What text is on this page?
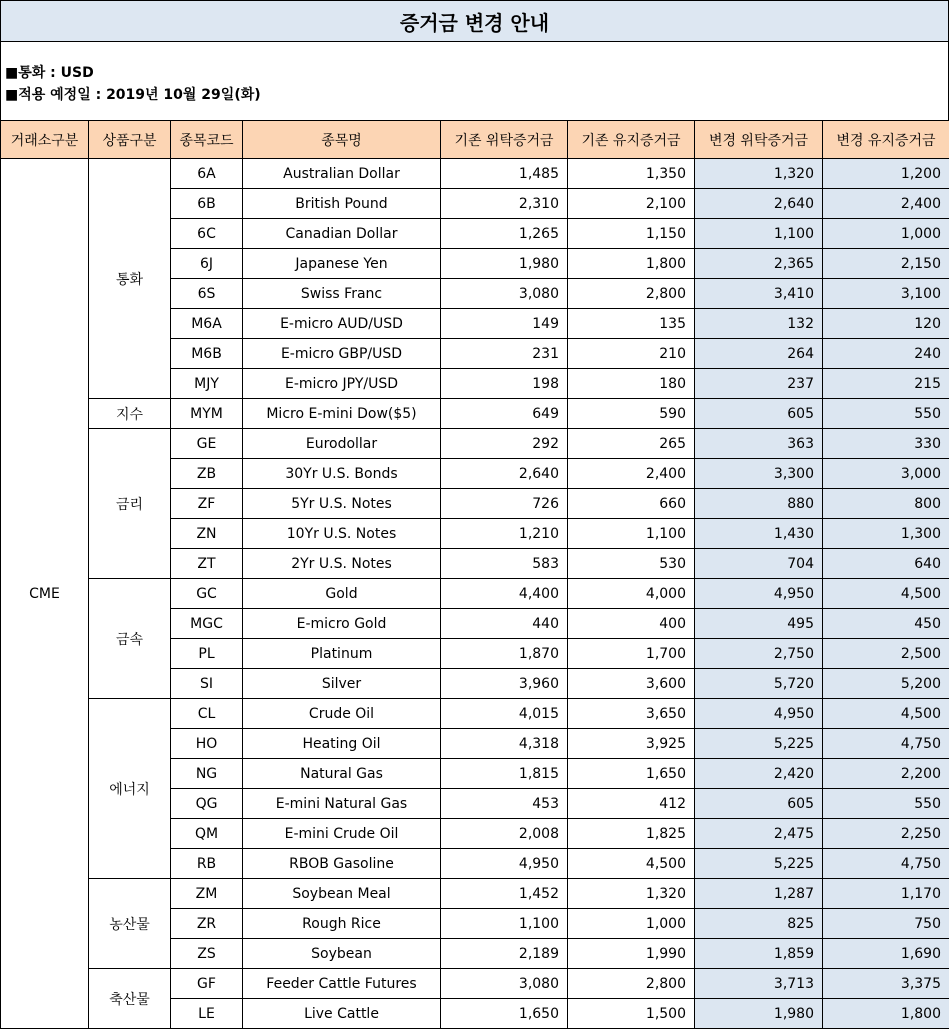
증거금 변경 안내
■통화 : USD
■적용 예정일 : 2019년 10월 29일(화)
거래소구분	상품구분	종목코드	종목명	기존 위탁증거금	기존 유지증거금	변경 위탁증거금	변경 유지증거금
CME	통화	6A	Australian Dollar	1,485	1,350	1,320	1,200
		6B	British Pound	2,310	2,100	2,640	2,400
		6C	Canadian Dollar	1,265	1,150	1,100	1,000
		6J	Japanese Yen	1,980	1,800	2,365	2,150
		6S	Swiss Franc	3,080	2,800	3,410	3,100
		M6A	E-micro AUD/USD	149	135	132	120
		M6B	E-micro GBP/USD	231	210	264	240
		MJY	E-micro JPY/USD	198	180	237	215
	지수	MYM	Micro E-mini Dow($5)	649	590	605	550
	금리	GE	Eurodollar	292	265	363	330
		ZB	30Yr U.S. Bonds	2,640	2,400	3,300	3,000
		ZF	5Yr U.S. Notes	726	660	880	800
		ZN	10Yr U.S. Notes	1,210	1,100	1,430	1,300
		ZT	2Yr U.S. Notes	583	530	704	640
	금속	GC	Gold	4,400	4,000	4,950	4,500
		MGC	E-micro Gold	440	400	495	450
		PL	Platinum	1,870	1,700	2,750	2,500
		SI	Silver	3,960	3,600	5,720	5,200
	에너지	CL	Crude Oil	4,015	3,650	4,950	4,500
		HO	Heating Oil	4,318	3,925	5,225	4,750
		NG	Natural Gas	1,815	1,650	2,420	2,200
		QG	E-mini Natural Gas	453	412	605	550
		QM	E-mini Crude Oil	2,008	1,825	2,475	2,250
		RB	RBOB Gasoline	4,950	4,500	5,225	4,750
	농산물	ZM	Soybean Meal	1,452	1,320	1,287	1,170
		ZR	Rough Rice	1,100	1,000	825	750
		ZS	Soybean	2,189	1,990	1,859	1,690
	축산물	GF	Feeder Cattle Futures	3,080	2,800	3,713	3,375
		LE	Live Cattle	1,650	1,500	1,980	1,800
